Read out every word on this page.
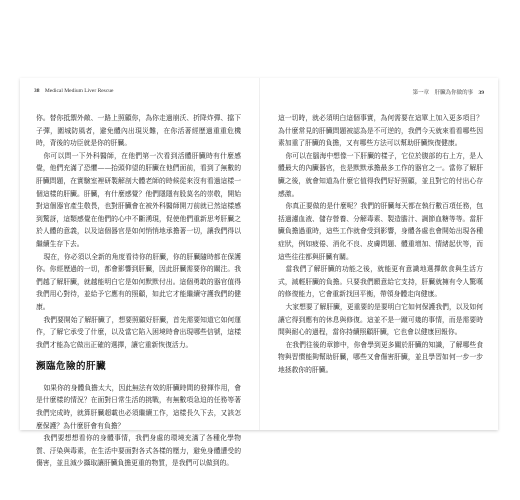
38 Medical Medium Liver Rescue	第一章　肝臟為你做的事 39

你。替你抵禦外敵、一路上照顧你，為你走過崩沃、折降炸彈、擋下子彈，圍城防風者，避免體內出現災難，在你活著經歷過重重危機時，背後的功臣就是你的肝臟。

你可以問一下外科醫師，在他們第一次看到活體肝臟時有什麼感覺，他們充滿了恐懼——抬頭仰望的肝臟在他們面前，看到了無數的肝臟問題，在實驗室裡研製解剖大體老師的時候從來沒有看過這樣一個這樣的肝臟。肝臟，有什麼感覺？他們隱隱有股莫名的崇敬，開始對這個器官產生敬畏，也對肝臟會在被外科醫師開刀前就已然這樣感到驚訝，這類感覺在他們的心中不斷湧現，促使他們重新思考肝臟之於人體的意義，以及這個器官是如何悄悄地承擔著一切，讓我們得以繼續生存下去。

現在，你必須以全新的角度看待你的肝臟，你的肝臟隨時都在保護你。你經歷過的一切，都會影響到肝臟，因此肝臟需要你的關注。我們越了解肝臟，就越能明白它是如何默默付出。這個勇敢的器官值得我們用心對待，並給予它應有的照顧，如此它才能繼續守護我們的健康。

我們要開始了解肝臟了，想要照顧好肝臟，首先需要知道它如何運作，了解它承受了什麼，以及當它陷入困境時會出現哪些信號，這樣我們才能為它做出正確的選擇，讓它重新恢復活力。

瀕臨危險的肝臟

如果你的身體負擔太大，因此無法有效的肝臟時間的發揮作用，會是什麼樣的情況？在面對日常生活的挑戰，有無數項急迫的任務等著我們完成時，就算肝臟超載也必須繼續工作，這樣長久下去，又該怎麼保護？為什麼肝會有負擔？

我們要想想看你的身體事情，我們身處的環境充滿了各種化學物質、汙染與毒素，在生活中要面對各式各樣的壓力，避免身體遭受的傷害，並且減少攝取讓肝臟負擔更重的物質，是我們可以做到的。

這一切時，就必須明白這個事實，為何需要在這單上加入更多項目？為什麼常見的肝臟問題被認為是不可逆的，我們今天就來看看哪些因素加重了肝臟的負擔，又有哪些方法可以幫助肝臟恢復健康。

你可以在腦海中想像一下肝臟的樣子，它位於腹部的右上方，是人體最大的內臟器官，也是默默承擔最多工作的器官之一。當你了解肝臟之後，就會知道為什麼它值得我們好好照顧，並且對它的付出心存感激。

你真正要做的是什麼呢？我們的肝臟每天都在執行數百項任務，包括過濾血液、儲存營養、分解毒素、製造膽汁、調節血糖等等。當肝臟負擔過重時，這些工作就會受到影響，身體各處也會開始出現各種症狀，例如疲倦、消化不良、皮膚問題、體重增加、情緒起伏等，而這些往往都與肝臟有關。

當我們了解肝臟的功能之後，就能更有意識地選擇飲食與生活方式，減輕肝臟的負擔。只要我們願意給它支持，肝臟就擁有令人驚嘆的修復能力，它會重新找回平衡，帶領身體走向健康。

大家想要了解肝臟，更重要的是要明白它如何保護我們，以及如何讓它得到應有的休息與修復。這並不是一蹴可幾的事情，而是需要時間與耐心的過程，當你持續照顧肝臟，它也會以健康回報你。

在我們往後的章節中，你會學到更多關於肝臟的知識，了解哪些食物與習慣能夠幫助肝臟，哪些又會傷害肝臟，並且學習如何一步一步地拯救你的肝臟。
